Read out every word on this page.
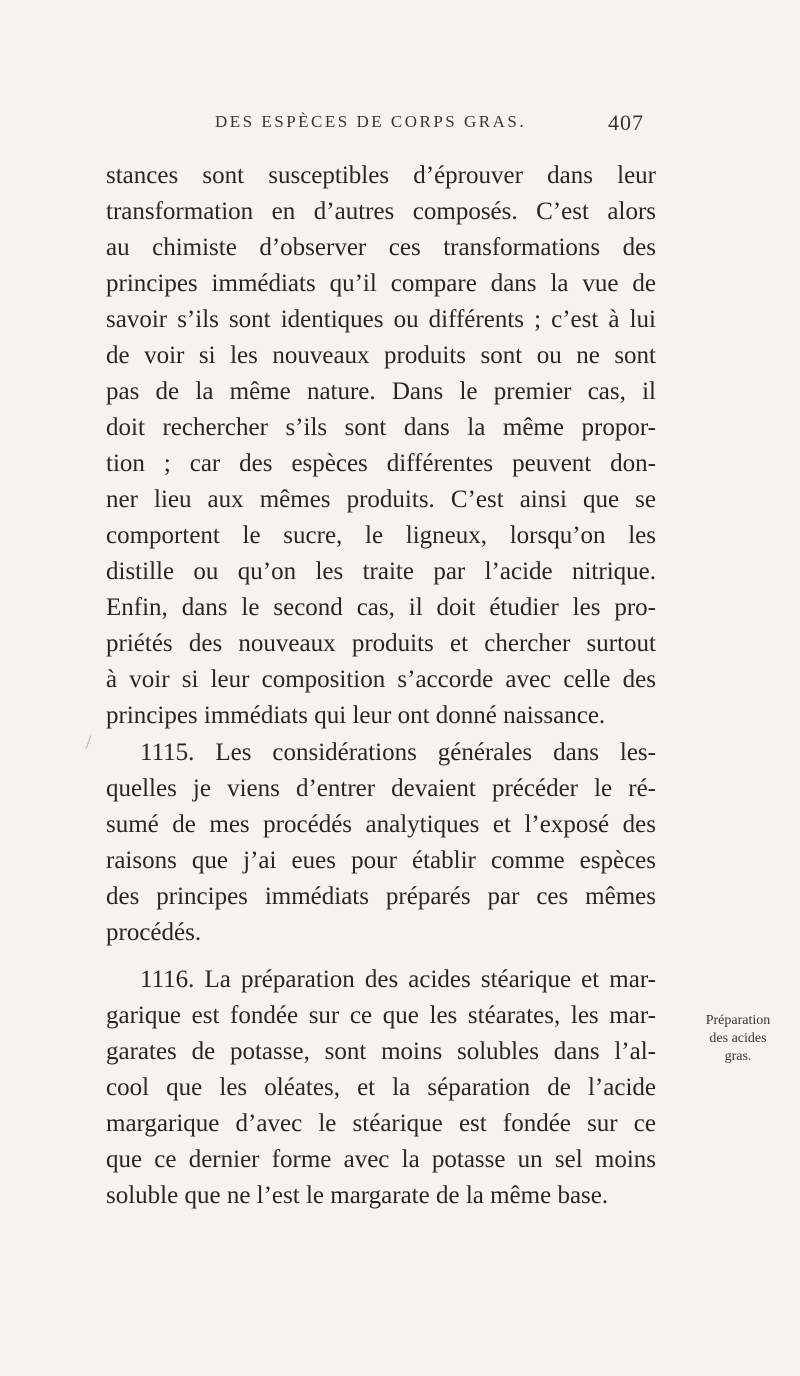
DES ESPÈCES DE CORPS GRAS.	407
stances sont susceptibles d’éprouver dans leur
transformation en d’autres composés. C’est alors
au chimiste d’observer ces transformations des
principes immédiats qu’il compare dans la vue de
savoir s’ils sont identiques ou différents ; c’est à lui
de voir si les nouveaux produits sont ou ne sont
pas de la même nature. Dans le premier cas, il
doit rechercher s’ils sont dans la même propor-
tion ; car des espèces différentes peuvent don-
ner lieu aux mêmes produits. C’est ainsi que se
comportent le sucre, le ligneux, lorsqu’on les
distille ou qu’on les traite par l’acide nitrique.
Enfin, dans le second cas, il doit étudier les pro-
priétés des nouveaux produits et chercher surtout
à voir si leur composition s’accorde avec celle des
principes immédiats qui leur ont donné naissance.
1115. Les considérations générales dans les-
quelles je viens d’entrer devaient précéder le ré-
sumé de mes procédés analytiques et l’exposé des
raisons que j’ai eues pour établir comme espèces
des principes immédiats préparés par ces mêmes
procédés.
1116. La préparation des acides stéarique et mar-
garique est fondée sur ce que les stéarates, les mar-
garates de potasse, sont moins solubles dans l’al-
cool que les oléates, et la séparation de l’acide
margarique d’avec le stéarique est fondée sur ce
que ce dernier forme avec la potasse un sel moins
soluble que ne l’est le margarate de la même base.
Préparation
des acides
gras.
